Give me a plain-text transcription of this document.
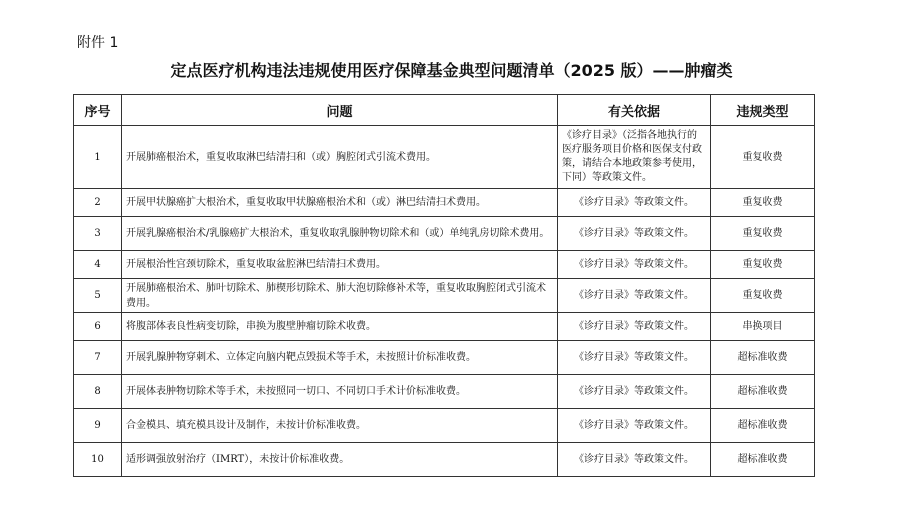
附件 1
定点医疗机构违法违规使用医疗保障基金典型问题清单（2025 版）——肿瘤类
序号	问题	有关依据	违规类型
1	开展肺癌根治术，重复收取淋巴结清扫和（或）胸腔闭式引流术费用。	《诊疗目录》（泛指各地执行的医疗服务项目价格和医保支付政策，请结合本地政策参考使用，下同）等政策文件。	重复收费
2	开展甲状腺癌扩大根治术，重复收取甲状腺癌根治术和（或）淋巴结清扫术费用。	《诊疗目录》等政策文件。	重复收费
3	开展乳腺癌根治术/乳腺癌扩大根治术，重复收取乳腺肿物切除术和（或）单纯乳房切除术费用。	《诊疗目录》等政策文件。	重复收费
4	开展根治性宫颈切除术，重复收取盆腔淋巴结清扫术费用。	《诊疗目录》等政策文件。	重复收费
5	开展肺癌根治术、肺叶切除术、肺楔形切除术、肺大泡切除修补术等，重复收取胸腔闭式引流术费用。	《诊疗目录》等政策文件。	重复收费
6	将腹部体表良性病变切除，串换为腹壁肿瘤切除术收费。	《诊疗目录》等政策文件。	串换项目
7	开展乳腺肿物穿刺术、立体定向脑内靶点毁损术等手术，未按照计价标准收费。	《诊疗目录》等政策文件。	超标准收费
8	开展体表肿物切除术等手术，未按照同一切口、不同切口手术计价标准收费。	《诊疗目录》等政策文件。	超标准收费
9	合金模具、填充模具设计及制作，未按计价标准收费。	《诊疗目录》等政策文件。	超标准收费
10	适形调强放射治疗（IMRT），未按计价标准收费。	《诊疗目录》等政策文件。	超标准收费
